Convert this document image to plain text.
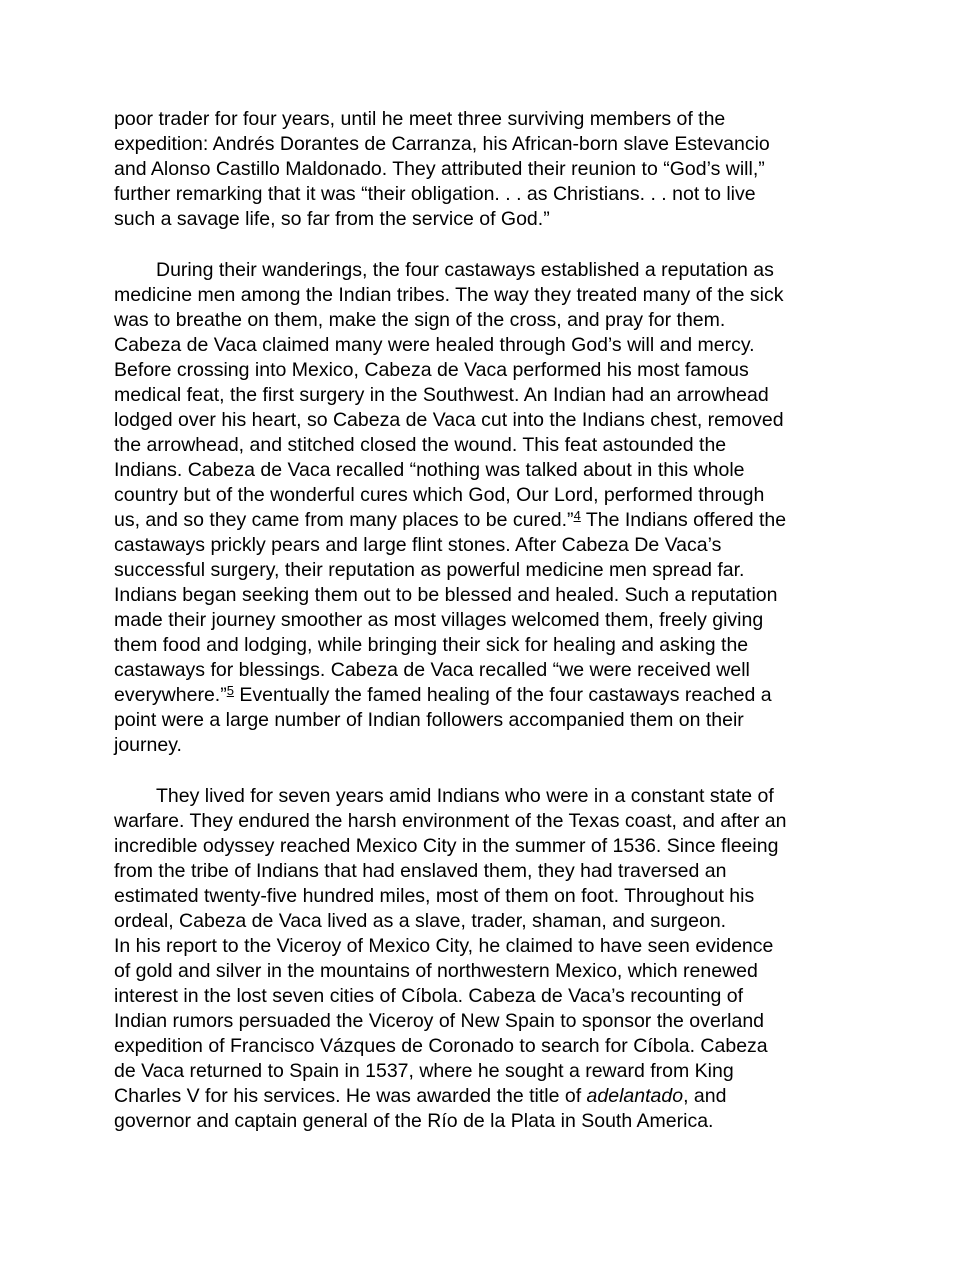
poor trader for four years, until he meet three surviving members of the
expedition: Andrés Dorantes de Carranza, his African-born slave Estevancio
and Alonso Castillo Maldonado. They attributed their reunion to “God’s will,”
further remarking that it was “their obligation. . . as Christians. . . not to live
such a savage life, so far from the service of God.”
During their wanderings, the four castaways established a reputation as
medicine men among the Indian tribes. The way they treated many of the sick
was to breathe on them, make the sign of the cross, and pray for them.
Cabeza de Vaca claimed many were healed through God’s will and mercy.
Before crossing into Mexico, Cabeza de Vaca performed his most famous
medical feat, the first surgery in the Southwest. An Indian had an arrowhead
lodged over his heart, so Cabeza de Vaca cut into the Indians chest, removed
the arrowhead, and stitched closed the wound. This feat astounded the
Indians. Cabeza de Vaca recalled “nothing was talked about in this whole
country but of the wonderful cures which God, Our Lord, performed through
us, and so they came from many places to be cured.”$^4$ The Indians offered the
castaways prickly pears and large flint stones. After Cabeza De Vaca’s
successful surgery, their reputation as powerful medicine men spread far.
Indians began seeking them out to be blessed and healed. Such a reputation
made their journey smoother as most villages welcomed them, freely giving
them food and lodging, while bringing their sick for healing and asking the
castaways for blessings. Cabeza de Vaca recalled “we were received well
everywhere.”$^5$ Eventually the famed healing of the four castaways reached a
point were a large number of Indian followers accompanied them on their
journey.
They lived for seven years amid Indians who were in a constant state of
warfare. They endured the harsh environment of the Texas coast, and after an
incredible odyssey reached Mexico City in the summer of 1536. Since fleeing
from the tribe of Indians that had enslaved them, they had traversed an
estimated twenty-five hundred miles, most of them on foot. Throughout his
ordeal, Cabeza de Vaca lived as a slave, trader, shaman, and surgeon.
In his report to the Viceroy of Mexico City, he claimed to have seen evidence
of gold and silver in the mountains of northwestern Mexico, which renewed
interest in the lost seven cities of Cíbola. Cabeza de Vaca’s recounting of
Indian rumors persuaded the Viceroy of New Spain to sponsor the overland
expedition of Francisco Vázques de Coronado to search for Cíbola. Cabeza
de Vaca returned to Spain in 1537, where he sought a reward from King
Charles V for his services. He was awarded the title of adelantado, and
governor and captain general of the Río de la Plata in South America.
